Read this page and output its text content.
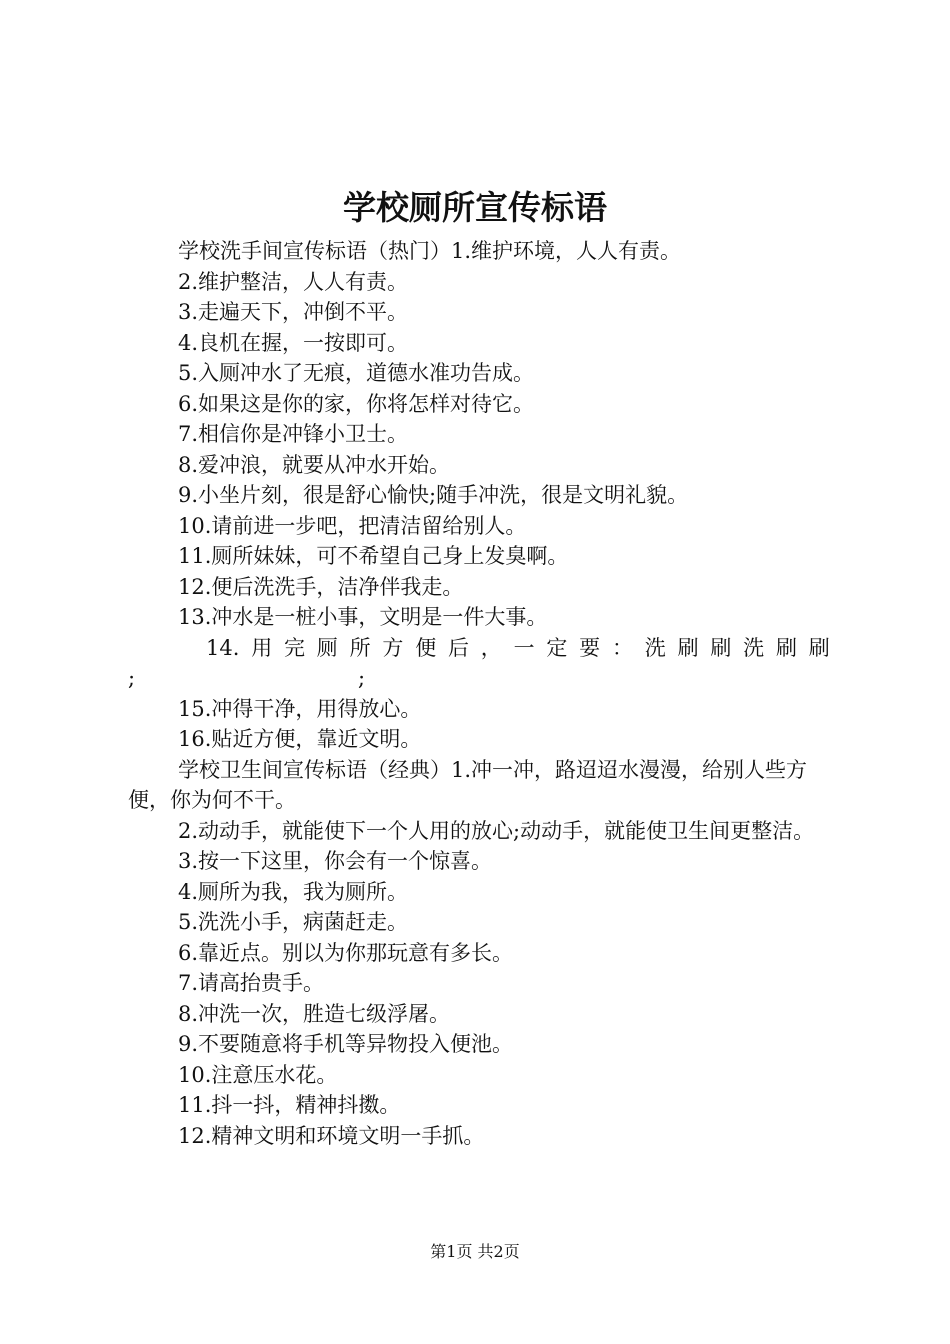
学校厕所宣传标语
学校洗手间宣传标语（热门）1.维护环境，人人有责。
2.维护整洁，人人有责。
3.走遍天下，冲倒不平。
4.良机在握，一按即可。
5.入厕冲水了无痕，道德水准功告成。
6.如果这是你的家，你将怎样对待它。
7.相信你是冲锋小卫士。
8.爱冲浪，就要从冲水开始。
9.小坐片刻，很是舒心愉快;随手冲洗，很是文明礼貌。
10.请前进一步吧，把清洁留给别人。
11.厕所妹妹，可不希望自己身上发臭啊。
12.便后洗洗手，洁净伴我走。
13.冲水是一桩小事，文明是一件大事。
14. 用 完 厕 所 方 便 后 ， 一 定 要 ： 洗 刷 刷 洗 刷 刷
;	;
15.冲得干净，用得放心。
16.贴近方便，靠近文明。
学校卫生间宣传标语（经典）1.冲一冲，路迢迢水漫漫，给别人些方便，你为何不干。
2.动动手，就能使下一个人用的放心;动动手，就能使卫生间更整洁。
3.按一下这里，你会有一个惊喜。
4.厕所为我，我为厕所。
5.洗洗小手，病菌赶走。
6.靠近点。别以为你那玩意有多长。
7.请高抬贵手。
8.冲洗一次，胜造七级浮屠。
9.不要随意将手机等异物投入便池。
10.注意压水花。
11.抖一抖，精神抖擞。
12.精神文明和环境文明一手抓。
第1页 共2页
